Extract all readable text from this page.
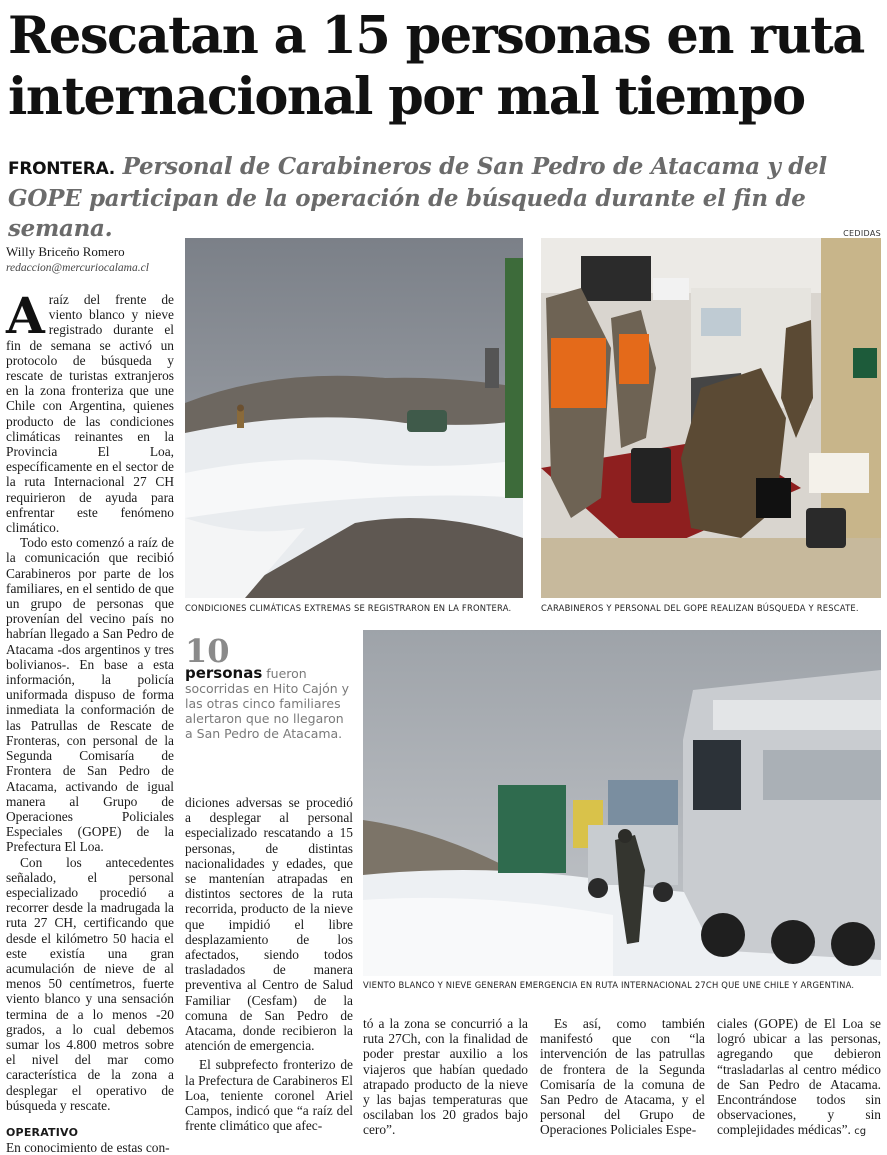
Rescatan a 15 personas en ruta internacional por mal tiempo
FRONTERA. Personal de Carabineros de San Pedro de Atacama y del GOPE participan de la operación de búsqueda durante el fin de semana.
Willy Briceño Romero
redaccion@mercuriocalama.cl
CEDIDAS

Araíz del frente de viento blanco y nieve registrado durante el fin de semana se activó un protocolo de búsqueda y rescate de turistas extranjeros en la zona fronteriza que une Chile con Argentina, quienes producto de las condiciones climáticas reinantes en la Provincia El Loa, específicamente en el sector de la ruta Internacional 27 CH requirieron de ayuda para enfrentar este fenómeno climático.

Todo esto comenzó a raíz de la comunicación que recibió Carabineros por parte de los familiares, en el sentido de que un grupo de personas que provenían del vecino país no habrían llegado a San Pedro de Atacama -dos argentinos y tres bolivianos-. En base a esta información, la policía uniformada dispuso de forma inmediata la conformación de las Patrullas de Rescate de Fronteras, con personal de la Segunda Comisaría de Frontera de San Pedro de Atacama, activando de igual manera al Grupo de Operaciones Policiales Especiales (GOPE) de la Prefectura El Loa.

Con los antecedentes señalado, el personal especializado procedió a recorrer desde la madrugada la ruta 27 CH, certificando que desde el kilómetro 50 hacia el este existía una gran acumulación de nieve de al menos 50 centímetros, fuerte viento blanco y una sensación termina de a lo menos -20 grados, a lo cual debemos sumar los 4.800 metros sobre el nivel del mar como característica de la zona a desplegar el operativo de búsqueda y rescate.

OPERATIVO

En conocimiento de estas con-

CONDICIONES CLIMÁTICAS EXTREMAS SE REGISTRARON EN LA FRONTERA.	CARABINEROS Y PERSONAL DEL GOPE REALIZAN BÚSQUEDA Y RESCATE.
10
personas fueron socorridas en Hito Cajón y las otras cinco familiares alertaron que no llegaron a San Pedro de Atacama.
VIENTO BLANCO Y NIEVE GENERAN EMERGENCIA EN RUTA INTERNACIONAL 27CH QUE UNE CHILE Y ARGENTINA.

diciones adversas se procedió a desplegar al personal especializado rescatando a 15 personas, de distintas nacionalidades y edades, que se mantenían atrapadas en distintos sectores de la ruta recorrida, producto de la nieve que impidió el libre desplazamiento de los afectados, siendo todos trasladados de manera preventiva al Centro de Salud Familiar (Cesfam) de la comuna de San Pedro de Atacama, donde recibieron la atención de emergencia.

El subprefecto fronterizo de la Prefectura de Carabineros El Loa, teniente coronel Ariel Campos, indicó que “a raíz del frente climático que afec-

tó a la zona se concurrió a la ruta 27Ch, con la finalidad de poder prestar auxilio a los viajeros que habían quedado atrapado producto de la nieve y las bajas temperaturas que oscilaban los 20 grados bajo cero”.

Es así, como también manifestó que con “la intervención de las patrullas de frontera de la Segunda Comisaría de la comuna de San Pedro de Atacama, y el personal del Grupo de Operaciones Policiales Espe-

ciales (GOPE) de El Loa se logró ubicar a las personas, agregando que debieron “trasladarlas al centro médico de San Pedro de Atacama. Encontrándose todos sin observaciones, y sin complejidades médicas”. cg
